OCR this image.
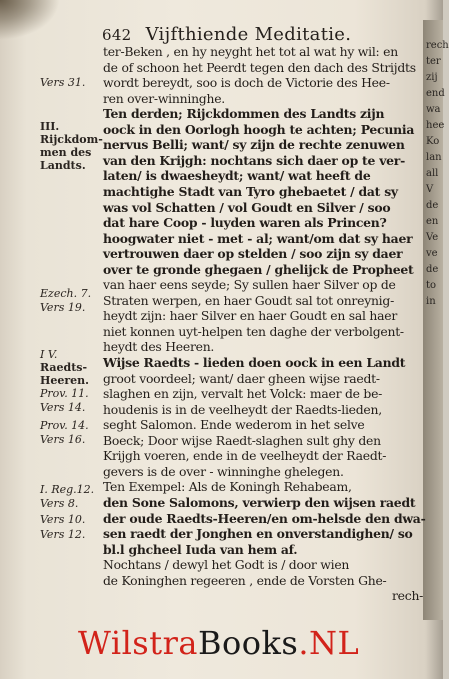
rech
ter
zij
end
wa
hee
Ko
lan
all
V
de
en
Ve
ve
de
to
in
642 Vijfthiende Meditatie.
Vers 31.
III.
Rijckdom-
men des
Landts.
Ezech. 7.
Vers 19.
I V.
Raedts-
Heeren.
Prov. 11.
Vers 14.
Prov. 14.
Vers 16.
I. Reg.12.
Vers 8.
Vers 10.
Vers 12.
ter-Beken , en hy neyght het tot al wat hy wil: en
de of schoon het Peerdt tegen den dach des Strijdts
wordt bereydt, soo is doch de Victorie des Hee-
ren over-winninghe.
Ten derden; Rijckdommen des Landts zijn
oock in den Oorlogh hoogh te achten; Pecunia
nervus Belli; want/ sy zijn de rechte zenuwen
van den Krijgh: nochtans sich daer op te ver-
laten/ is dwaesheydt; want/ wat heeft de
machtighe Stadt van Tyro ghebaetet / dat sy
was vol Schatten / vol Goudt en Silver / soo
dat hare Coop - luyden waren als Princen?
hoogwater niet - met - al; want/om dat sy haer
vertrouwen daer op stelden / soo zijn sy daer
over te gronde ghegaen / ghelijck de Propheet
van haer eens seyde; Sy sullen haer Silver op de
Straten werpen, en haer Goudt sal tot onreynig-
heydt zijn: haer Silver en haer Goudt en sal haer
niet konnen uyt-helpen ten daghe der verbolgent-
heydt des Heeren.
Wijse Raedts - lieden doen oock in een Landt
groot voordeel; want/ daer gheen wijse raedt-
slaghen en zijn, vervalt het Volck: maer de be-
houdenis is in de veelheydt der Raedts-lieden,
seght Salomon. Ende wederom in het selve
Boeck; Door wijse Raedt-slaghen sult ghy den
Krijgh voeren, ende in de veelheydt der Raedt-
gevers is de over - winninghe ghelegen.
Ten Exempel: Als de Koningh Rehabeam,
den Sone Salomons, verwierp den wijsen raedt
der oude Raedts-Heeren/en om-helsde den dwa-
sen raedt der Jonghen en onverstandighen/ so
bl.l ghcheel Iuda van hem af.
Nochtans / dewyl het Godt is / door wien
de Koninghen regeeren , ende de Vorsten Ghe-
rech-
WilstraBooks.NL
